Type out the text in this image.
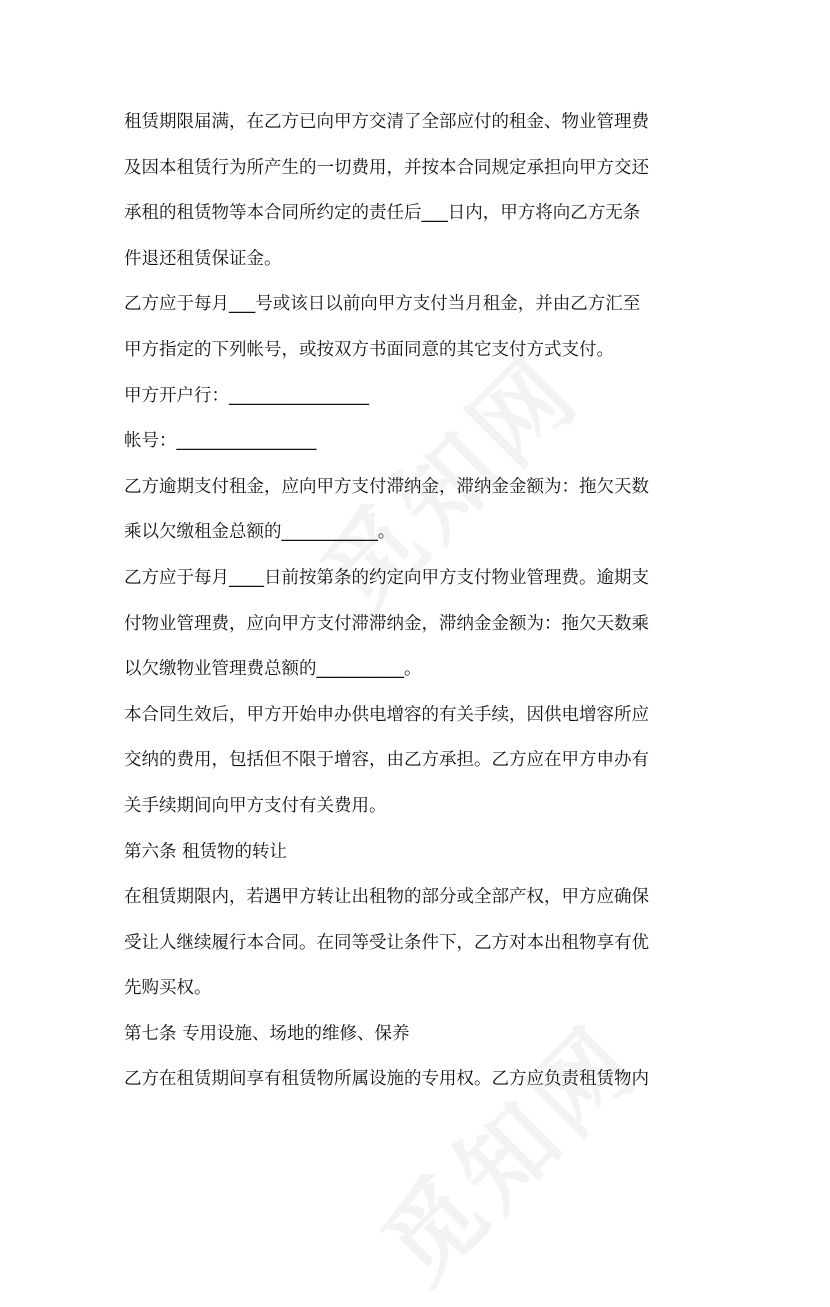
租赁期限届满，在乙方已向甲方交清了全部应付的租金、物业管理费
及因本租赁行为所产生的一切费用，并按本合同规定承担向甲方交还
承租的租赁物等本合同所约定的责任后___日内，甲方将向乙方无条
件退还租赁保证金。
乙方应于每月___号或该日以前向甲方支付当月租金，并由乙方汇至
甲方指定的下列帐号，或按双方书面同意的其它支付方式支付。
甲方开户行：________________
帐号：________________
乙方逾期支付租金，应向甲方支付滞纳金，滞纳金金额为：拖欠天数
乘以欠缴租金总额的___________。
乙方应于每月____日前按第条的约定向甲方支付物业管理费。逾期支
付物业管理费，应向甲方支付滞滞纳金，滞纳金金额为：拖欠天数乘
以欠缴物业管理费总额的__________。
本合同生效后，甲方开始申办供电增容的有关手续，因供电增容所应
交纳的费用，包括但不限于增容，由乙方承担。乙方应在甲方申办有
关手续期间向甲方支付有关费用。
第六条 租赁物的转让
在租赁期限内，若遇甲方转让出租物的部分或全部产权，甲方应确保
受让人继续履行本合同。在同等受让条件下，乙方对本出租物享有优
先购买权。
第七条 专用设施、场地的维修、保养
乙方在租赁期间享有租赁物所属设施的专用权。乙方应负责租赁物内
